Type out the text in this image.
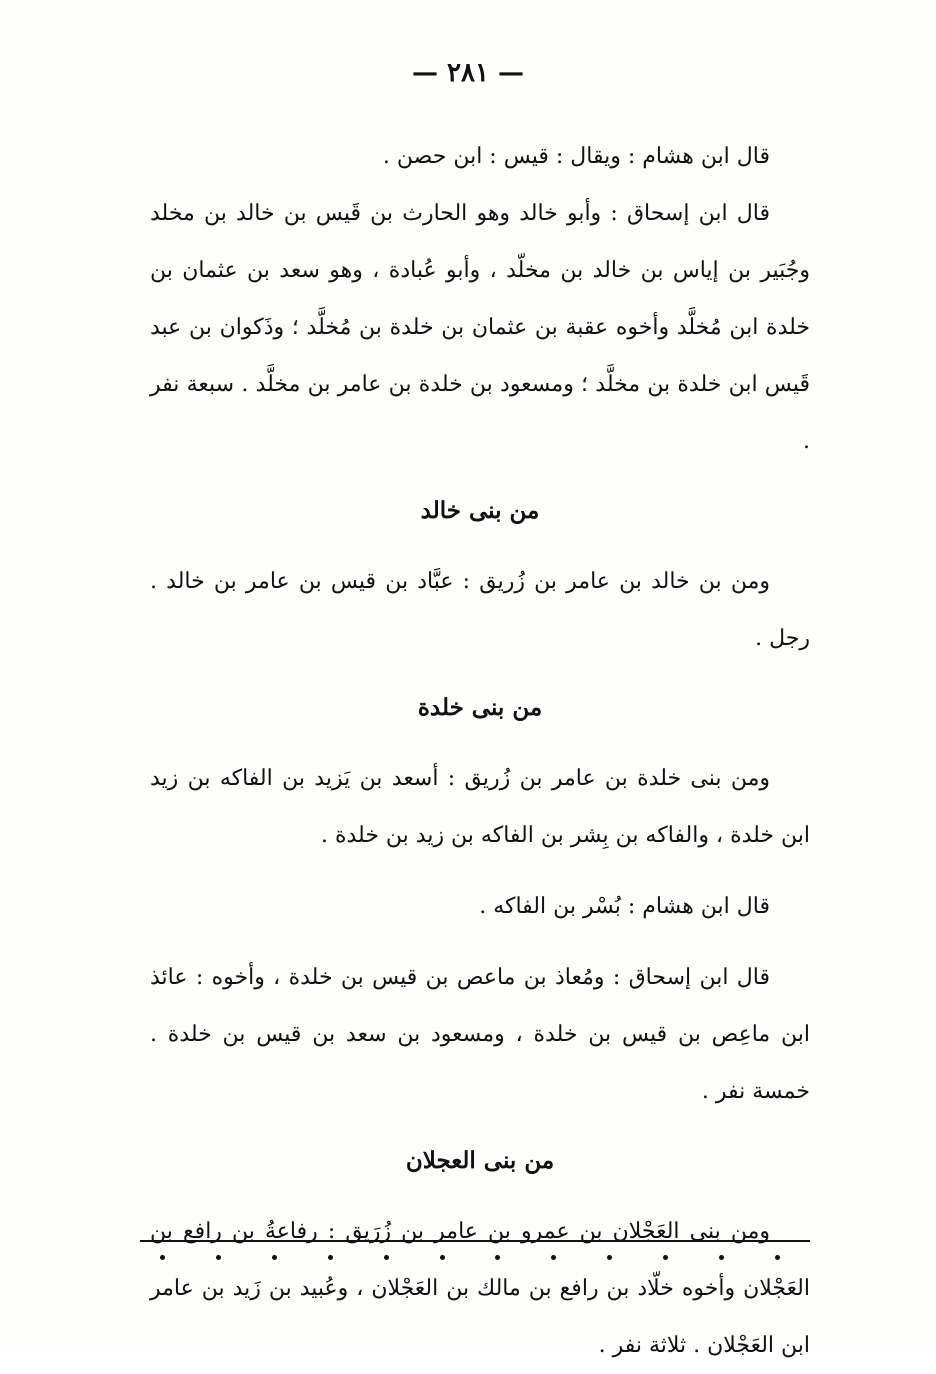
— ٢٨١ —

قال ابن هشام : ويقال : قيس : ابن حصن .

قال ابن إسحاق : وأبو خالد وهو الحارث بن قَيس بن خالد بن مخلد وجُبَير بن إياس بن خالد بن مخلّد ، وأبو عُبادة ، وهو سعد بن عثمان بن خلدة ابن مُخلَّد وأخوه عقبة بن عثمان بن خلدة بن مُخلَّد ؛ وذَكوان بن عبد قَيس ابن خلدة بن مخلَّد ؛ ومسعود بن خلدة بن عامر بن مخلَّد . سبعة نفر .

من بنى خالد

ومن بن خالد بن عامر بن زُريق : عبَّاد بن قيس بن عامر بن خالد . رجل .

من بنى خلدة

ومن بنى خلدة بن عامر بن زُريق : أسعد بن يَزيد بن الفاكه بن زيد ابن خلدة ، والفاكه بن بِشر بن الفاكه بن زيد بن خلدة .

قال ابن هشام : بُسْر بن الفاكه .

قال ابن إسحاق : ومُعاذ بن ماعص بن قيس بن خلدة ، وأخوه : عائذ ابن ماعِص بن قيس بن خلدة ، ومسعود بن سعد بن قيس بن خلدة . خمسة نفر .

من بنى العجلان

ومن بنى العَجْلان بن عمرو بن عامر بن زُرَيق : رفاعةُ بن رافع بن العَجْلان وأخوه خلّاد بن رافع بن مالك بن العَجْلان ، وعُبيد بن زَيد بن عامر ابن العَجْلان . ثلاثة نفر .
